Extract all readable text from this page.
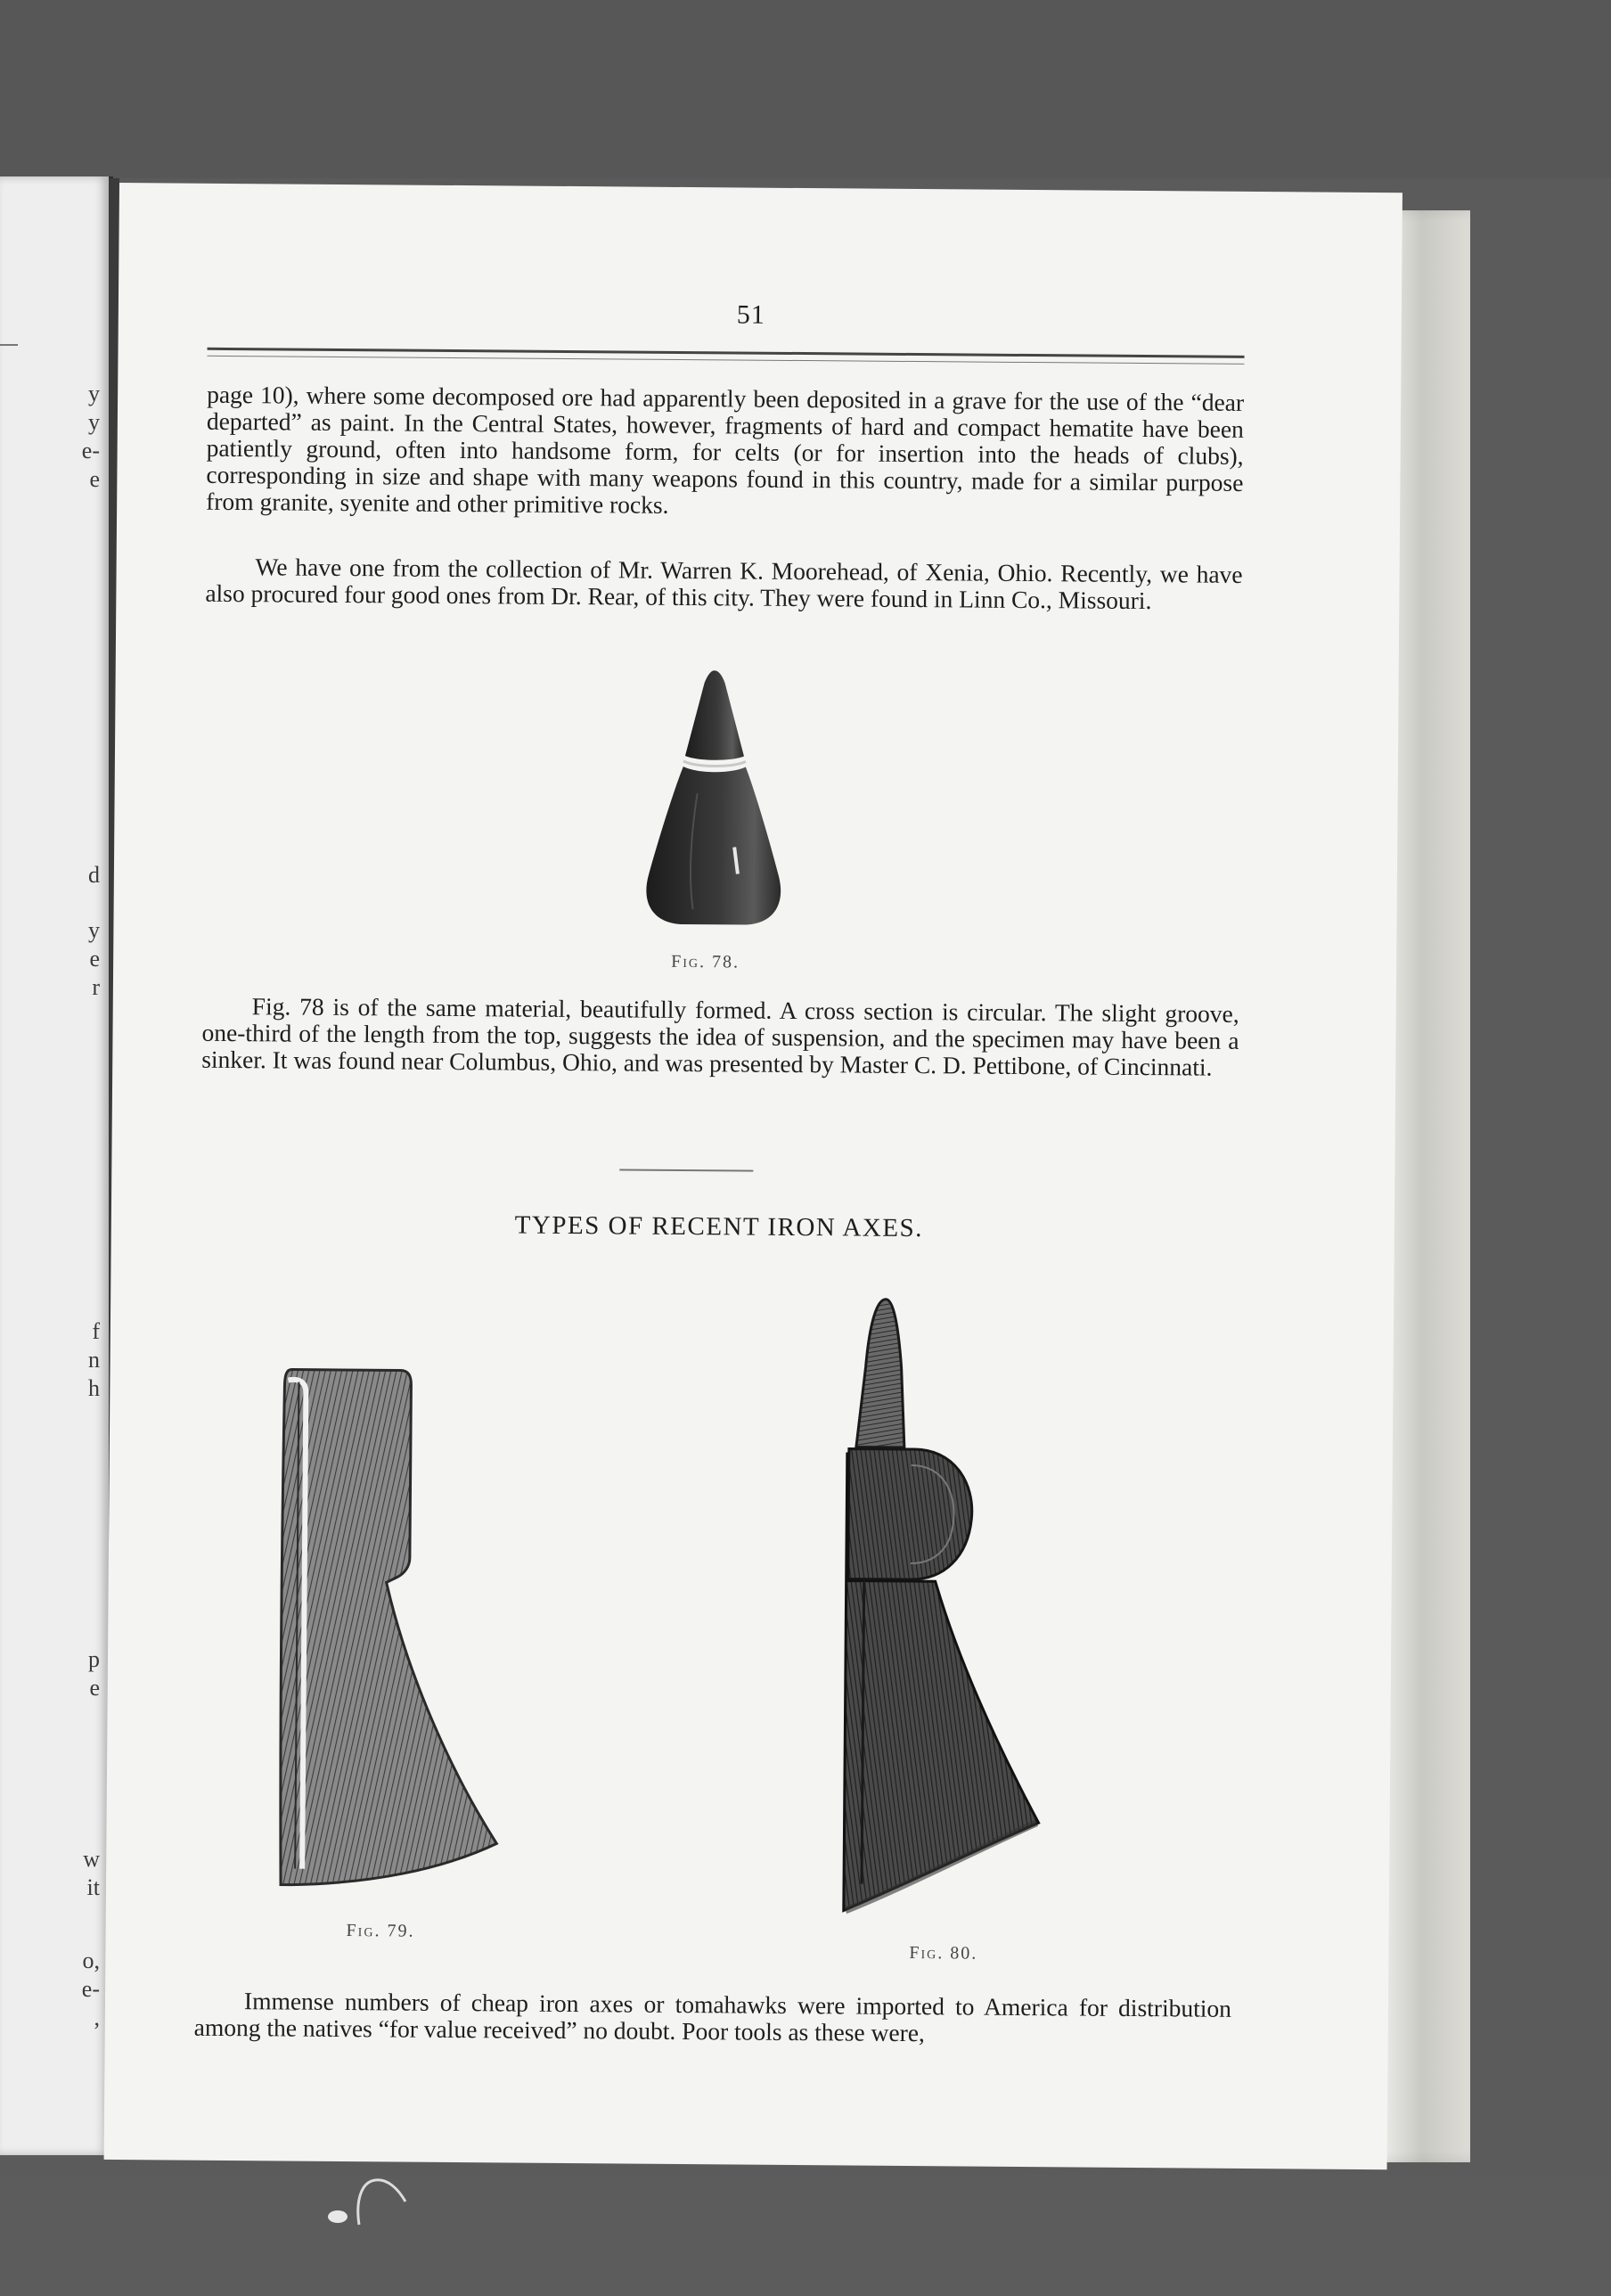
y
y
e-
e
d
y
e
r
f
n
h
p
e
w
it
o,
e-
,
51
page 10), where some decomposed ore had apparently been deposited in a grave for the use of the “dear departed” as paint. In the Central States, however, fragments of hard and compact hematite have been patiently ground, often into handsome form, for celts (or for insertion into the heads of clubs), corresponding in size and shape with many weapons found in this country, made for a similar purpose from granite, syenite and other primitive rocks.
We have one from the collection of Mr. Warren K. Moorehead, of Xenia, Ohio. Recently, we have also procured four good ones from Dr. Rear, of this city. They were found in Linn Co., Missouri.
Fig. 78.
Fig. 78 is of the same material, beautifully formed. A cross section is circular. The slight groove, one-third of the length from the top, suggests the idea of suspension, and the specimen may have been a sinker. It was found near Columbus, Ohio, and was presented by Master C. D. Pettibone, of Cincinnati.
TYPES OF RECENT IRON AXES.
Fig. 79.
Fig. 80.
Immense numbers of cheap iron axes or tomahawks were imported to America for distribution among the natives “for value received” no doubt. Poor tools as these were,
